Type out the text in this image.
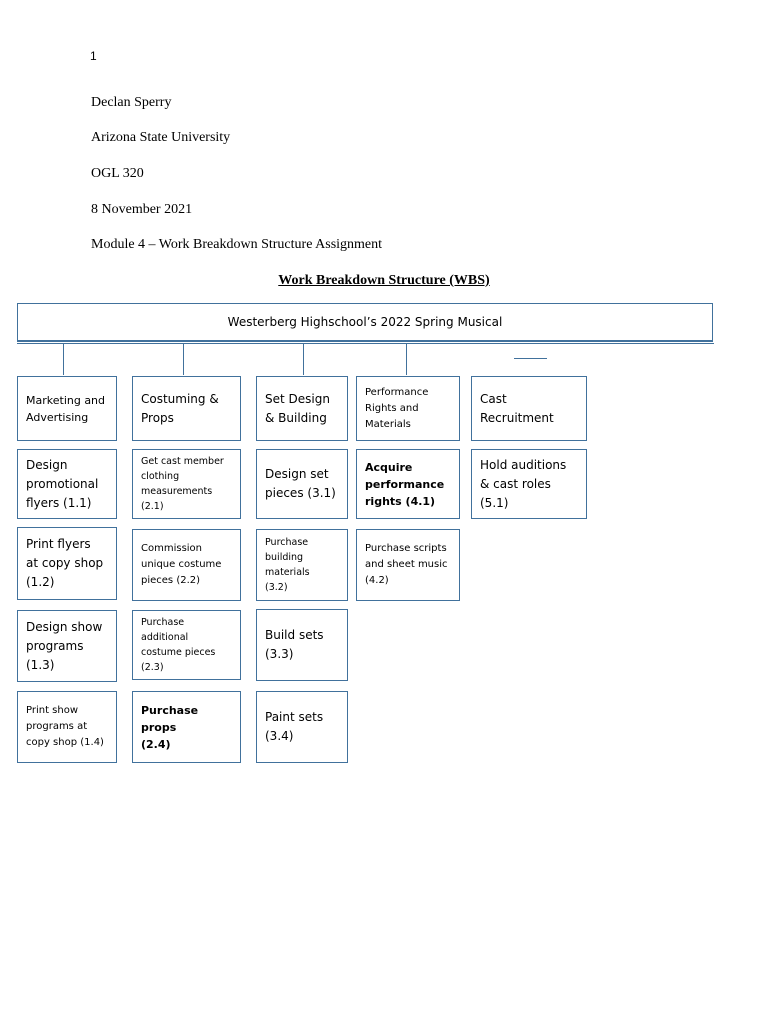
1
Declan Sperry
Arizona State University
OGL 320
8 November 2021
Module 4 – Work Breakdown Structure Assignment
Work Breakdown Structure (WBS)
Westerberg Highschool’s 2022 Spring Musical
Marketing and
Advertising
Design
promotional
flyers (1.1)
Print flyers
at copy shop
(1.2)
Design show
programs
(1.3)
Print show
programs at
copy shop (1.4)
Costuming &
Props
Get cast member
clothing
measurements
(2.1)
Commission
unique costume
pieces (2.2)
Purchase
additional
costume pieces
(2.3)
Purchase props
(2.4)
Set Design
& Building
Design set
pieces (3.1)
Purchase
building
materials
(3.2)
Build sets
(3.3)
Paint sets
(3.4)
Performance
Rights and
Materials
Acquire
performance
rights (4.1)
Purchase scripts
and sheet music
(4.2)
Cast
Recruitment
Hold auditions
& cast roles
(5.1)
